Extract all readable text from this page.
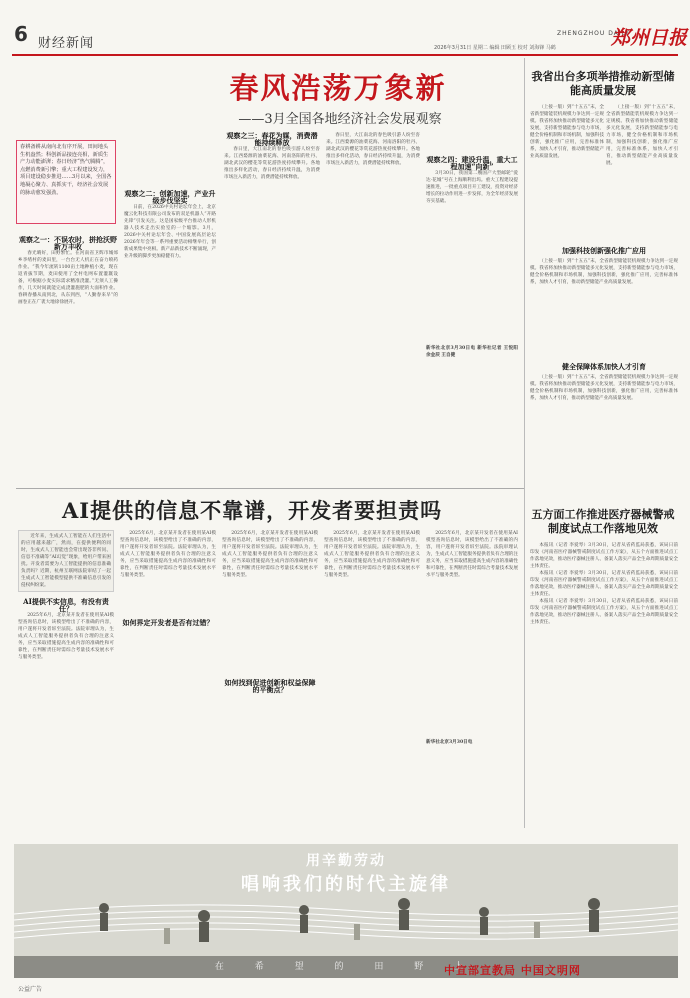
6 财经新闻	2026年3月31日 星期二 编辑 田顾玉 校对 刘海锋 马鹤
ZHENGZHOU DAILY
郑州日报
春风浩荡万象新
——3月全国各地经济社会发展观察
春耕备耕从南向北有序开展，田间地头生机盎然；科创新品接连亮相，新质生产力动能澎湃；春日经济“热气腾腾”，点燃消费新引擎；重大工程建设发力，项目建设稳步推进……3月以来，全国各地凝心聚力、真抓实干，经济社会发展的脉动愈发强劲。
观察之一：不误农时，拼抢沃野新万丰收

春光晴好，田野繁忙。在河南省卫辉市城郊乡李绪村的麦田里，一台台无人机正在奋力喷药作业。“我今年流转1100亩土地种植小麦，现在返青拔节期，麦田使用了全村电网布置灌溉设备，可根据小麦实际需求精准浇灌。”无须人工操作，几天时间就能完成浇灌施肥的大面积作业。春耕春播从南到北，从东到西，“人勤春来早”的画卷正在广袤大地徐徐展开。

观察之二：创新加速，产业升级步伐坚实

日前，在2026中关村论坛年会上，北京魔云化科技有限公司发布的双足机器人“开路先锋”引发关注。这是国家级平台推动人形机器人技术走出实验室的一个缩影。3月，2026中关村论坛年会、中国发展高层论坛2026年年会等一系列重要活动相继举行，创新成果集中亮相。新产品新技术不断涌现，产业升级的脚步更加稳健有力。

观察之三：春花为媒，消费潜能持续释放

春日里，大江南北的春色吸引游人纷至沓来。江西婺源的油菜花海、河南洛阳的牡丹、湖北武汉的樱花等赏花游热度持续攀升。各地推出多样化活动，春日经济持续升温，为消费市场注入新活力，消费潜能持续释放。

春日里，大江南北的春色吸引游人纷至沓来。江西婺源的油菜花海、河南洛阳的牡丹、湖北武汉的樱花等赏花游热度持续攀升。各地推出多样化活动，春日经济持续升温，为消费市场注入新活力，消费潜能持续释放。	观察之四：建设升温，重大工程加速“向新”

3月30日，我国第二艘国产大型邮轮“爱达·花城”号在上海顺利出坞。重大工程建设提速推进，一批重点项目开工建设，投资对经济增长的拉动作用进一步发挥，为全年经济发展夯实基础。

新华社北京3月30日电 新华社记者 王悦阳 余金辰 王自健

AI提供的信息不靠谱，开发者要担责吗

近年来，生成式人工智能在人们生活中的应用越来越广，然而，在提供便利的同时，生成式人工智能也会常出现答非所问、信息不准确等“AI幻觉”现象，给用户带来困扰。开发者需要为人工智能提供的信息准确负责吗？近期，杭州互联网法院审结了一起生成式人工智能模型提供不准确信息引发的侵权纠纷案。

AI提供不实信息，有没有责任？

2025年6月，北京某开发者在使用某AI模型查询信息时，该模型给出了不准确的内容，用户遂将开发者诉至法院。法院审理认为，生成式人工智能服务提供者负有合理的注意义务，应当采取措施提高生成内容的准确性和可靠性，在判断责任时需综合考量技术发展水平与服务类型。

2025年6月，北京某开发者在使用某AI模型查询信息时，该模型给出了不准确的内容，用户遂将开发者诉至法院。法院审理认为，生成式人工智能服务提供者负有合理的注意义务，应当采取措施提高生成内容的准确性和可靠性，在判断责任时需综合考量技术发展水平与服务类型。

如何界定开发者是否有过错？

2025年6月，北京某开发者在使用某AI模型查询信息时，该模型给出了不准确的内容，用户遂将开发者诉至法院。法院审理认为，生成式人工智能服务提供者负有合理的注意义务，应当采取措施提高生成内容的准确性和可靠性，在判断责任时需综合考量技术发展水平与服务类型。

如何找到促进创新和权益保障的平衡点？

2025年6月，北京某开发者在使用某AI模型查询信息时，该模型给出了不准确的内容，用户遂将开发者诉至法院。法院审理认为，生成式人工智能服务提供者负有合理的注意义务，应当采取措施提高生成内容的准确性和可靠性，在判断责任时需综合考量技术发展水平与服务类型。

2025年6月，北京某开发者在使用某AI模型查询信息时，该模型给出了不准确的内容，用户遂将开发者诉至法院。法院审理认为，生成式人工智能服务提供者负有合理的注意义务，应当采取措施提高生成内容的准确性和可靠性，在判断责任时需综合考量技术发展水平与服务类型。

新华社北京3月30日电

我省出台多项举措推动新型储能高质量发展

（上接一版）到“十五五”末，全省新型储能装机规模力争达到一定规模。我省将加快推动新型储能多元化发展，支持新型储能参与电力市场，健全价格机制和市场机制，加强科技创新，强化推广应用，完善标准体系，加快人才引育，推动新型储能产业高质量发展。

（上接一版）到“十五五”末，全省新型储能装机规模力争达到一定规模。我省将加快推动新型储能多元化发展，支持新型储能参与电力市场，健全价格机制和市场机制，加强科技创新，强化推广应用，完善标准体系，加快人才引育，推动新型储能产业高质量发展。

加强科技创新强化推广应用

（上接一版）到“十五五”末，全省新型储能装机规模力争达到一定规模。我省将加快推动新型储能多元化发展，支持新型储能参与电力市场，健全价格机制和市场机制，加强科技创新，强化推广应用，完善标准体系，加快人才引育，推动新型储能产业高质量发展。

健全保障体系加快人才引育

（上接一版）到“十五五”末，全省新型储能装机规模力争达到一定规模。我省将加快推动新型储能多元化发展，支持新型储能参与电力市场，健全价格机制和市场机制，加强科技创新，强化推广应用，完善标准体系，加快人才引育，推动新型储能产业高质量发展。

五方面工作推进医疗器械警戒制度试点工作落地见效

本报讯（记者 李爱琴）3月30日，记者从省药监局获悉，该局日前印发《河南省医疗器械警戒制度试点工作方案》，从五个方面推进试点工作落地见效，推动医疗器械注册人、备案人落实产品全生命周期质量安全主体责任。

本报讯（记者 李爱琴）3月30日，记者从省药监局获悉，该局日前印发《河南省医疗器械警戒制度试点工作方案》，从五个方面推进试点工作落地见效，推动医疗器械注册人、备案人落实产品全生命周期质量安全主体责任。

本报讯（记者 李爱琴）3月30日，记者从省药监局获悉，该局日前印发《河南省医疗器械警戒制度试点工作方案》，从五个方面推进试点工作落地见效，推动医疗器械注册人、备案人落实产品全生命周期质量安全主体责任。

用辛勤劳动
唱响我们的时代主旋律
在 希 望 的 田 野 上
中宣部宣教局 中国文明网
公益广告
